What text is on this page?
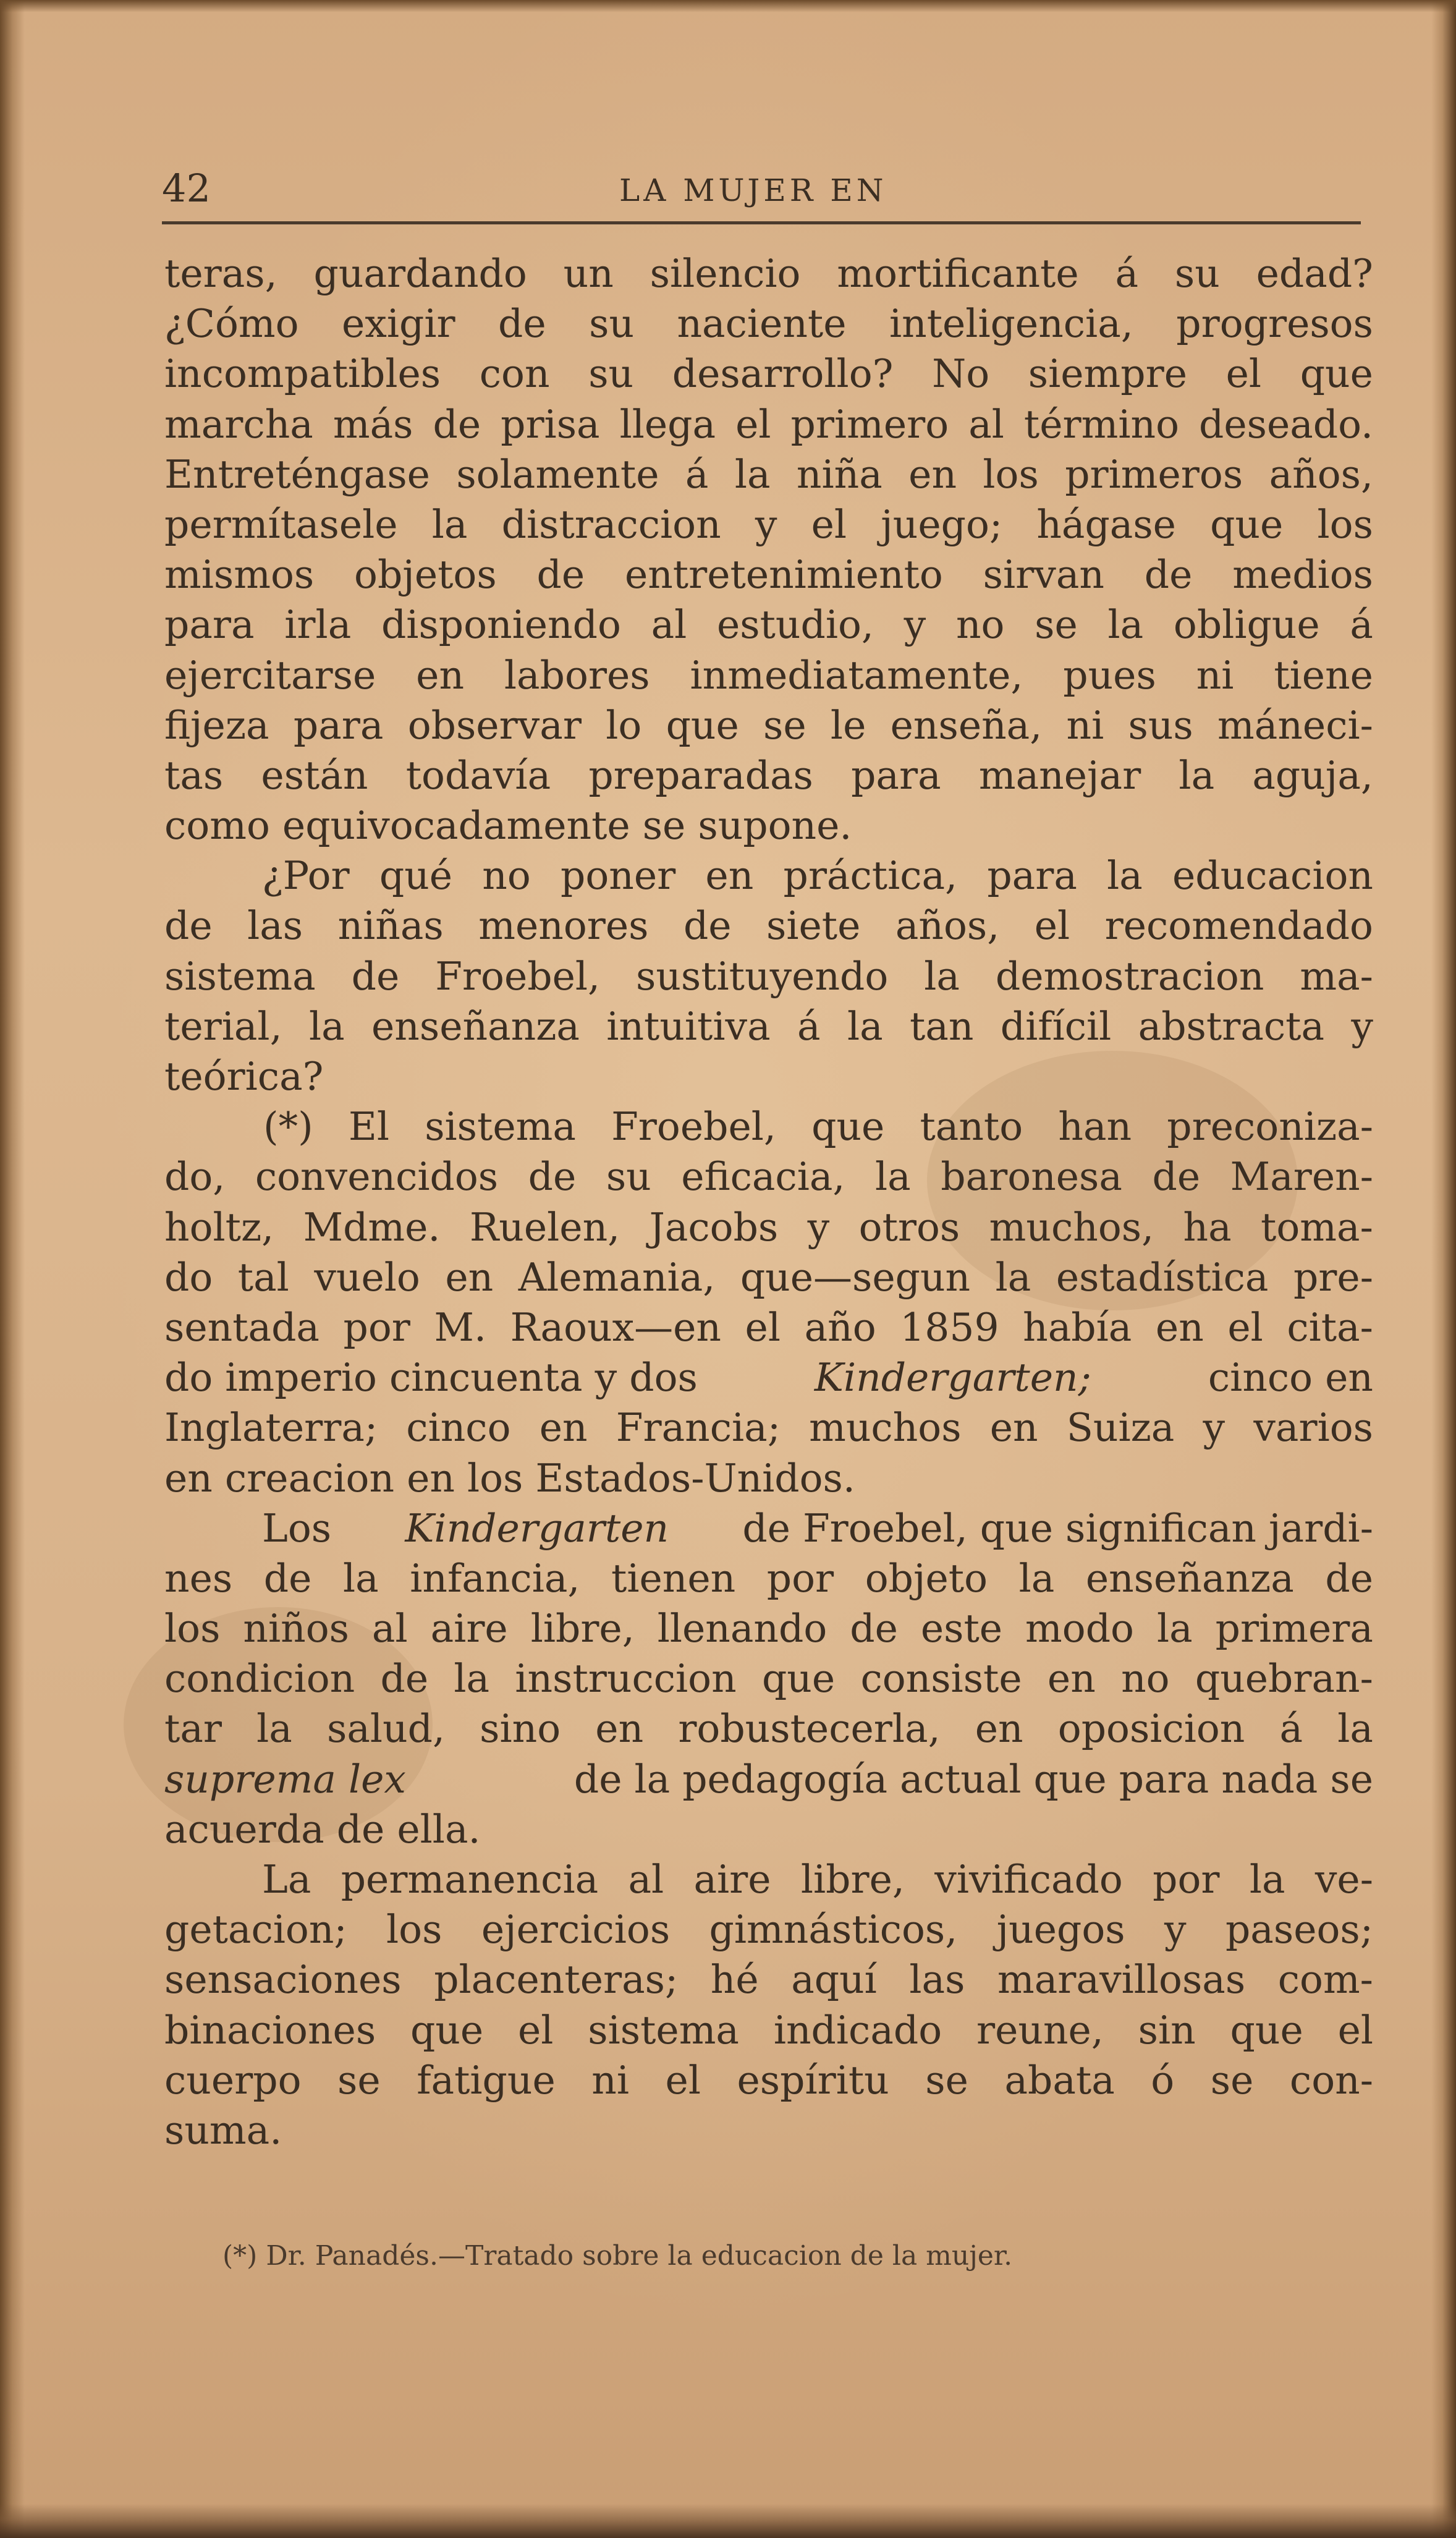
42	LA MUJER EN
teras, guardando un silencio mortificante á su edad?
¿Cómo exigir de su naciente inteligencia, progresos
incompatibles con su desarrollo? No siempre el que
marcha más de prisa llega el primero al término deseado.
Entreténgase solamente á la niña en los primeros años,
permítasele la distraccion y el juego; hágase que los
mismos objetos de entretenimiento sirvan de medios
para irla disponiendo al estudio, y no se la obligue á
ejercitarse en labores inmediatamente, pues ni tiene
fijeza para observar lo que se le enseña, ni sus máneci-
tas están todavía preparadas para manejar la aguja,
como equivocadamente se supone.
¿Por qué no poner en práctica, para la educacion
de las niñas menores de siete años, el recomendado
sistema de Froebel, sustituyendo la demostracion ma-
terial, la enseñanza intuitiva á la tan difícil abstracta y
teórica?
(*) El sistema Froebel, que tanto han preconiza-
do, convencidos de su eficacia, la baronesa de Maren-
holtz, Mdme. Ruelen, Jacobs y otros muchos, ha toma-
do tal vuelo en Alemania, que—segun la estadística pre-
sentada por M. Raoux—en el año 1859 había en el cita-
do imperio cincuenta y dos	Kindergarten;	cinco en
Inglaterra; cinco en Francia; muchos en Suiza y varios
en creacion en los Estados-Unidos.
Los Kindergarten de Froebel, que significan jardi-
nes de la infancia, tienen por objeto la enseñanza de
los niños al aire libre, llenando de este modo la primera
condicion de la instruccion que consiste en no quebran-
tar la salud, sino en robustecerla, en oposicion á la
suprema lex	de la pedagogía actual que para nada se
acuerda de ella.
La permanencia al aire libre, vivificado por la ve-
getacion; los ejercicios gimnásticos, juegos y paseos;
sensaciones placenteras; hé aquí las maravillosas com-
binaciones que el sistema indicado reune, sin que el
cuerpo se fatigue ni el espíritu se abata ó se con-
suma.
(*) Dr. Panadés.—Tratado sobre la educacion de la mujer.
